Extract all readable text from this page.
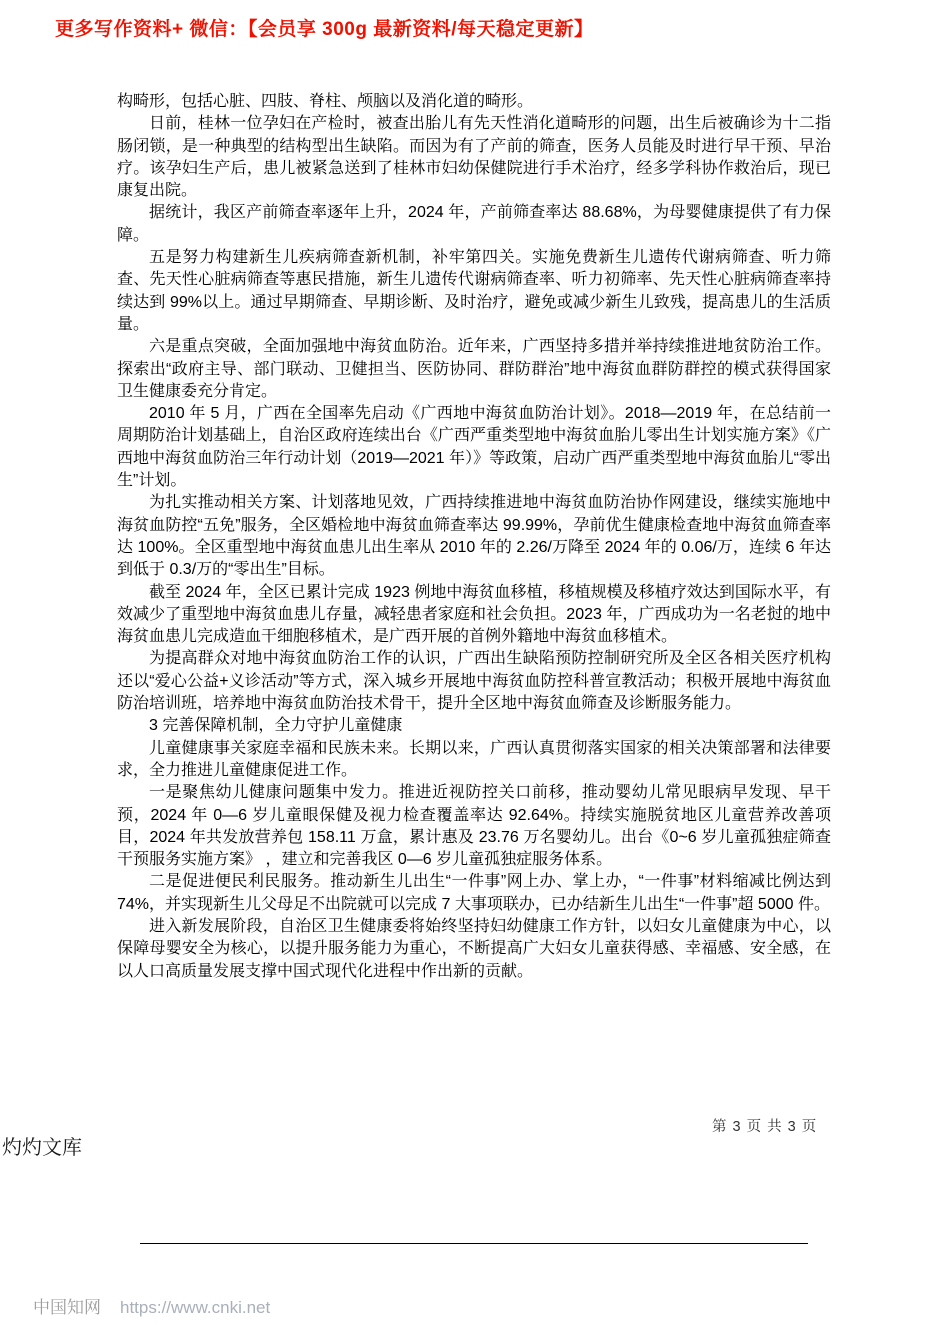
更多写作资料+ 微信：【会员享 300g 最新资料/每天稳定更新】

构畸形，包括心脏、四肢、脊柱、颅脑以及消化道的畸形。

日前，桂林一位孕妇在产检时，被查出胎儿有先天性消化道畸形的问题，出生后被确诊为十二指肠闭锁，是一种典型的结构型出生缺陷。而因为有了产前的筛查，医务人员能及时进行早干预、早治疗。该孕妇生产后，患儿被紧急送到了桂林市妇幼保健院进行手术治疗，经多学科协作救治后，现已康复出院。

据统计，我区产前筛查率逐年上升，2024 年，产前筛查率达 88.68%，为母婴健康提供了有力保障。

五是努力构建新生儿疾病筛查新机制，补牢第四关。实施免费新生儿遗传代谢病筛查、听力筛查、先天性心脏病筛查等惠民措施，新生儿遗传代谢病筛查率、听力初筛率、先天性心脏病筛查率持续达到 99%以上。通过早期筛查、早期诊断、及时治疗，避免或减少新生儿致残，提高患儿的生活质量。

六是重点突破，全面加强地中海贫血防治。近年来，广西坚持多措并举持续推进地贫防治工作。探索出“政府主导、部门联动、卫健担当、医防协同、群防群治”地中海贫血群防群控的模式获得国家卫生健康委充分肯定。

2010 年 5 月，广西在全国率先启动《广西地中海贫血防治计划》。2018—2019 年，在总结前一周期防治计划基础上，自治区政府连续出台《广西严重类型地中海贫血胎儿零出生计划实施方案》《广西地中海贫血防治三年行动计划（2019—2021 年）》等政策，启动广西严重类型地中海贫血胎儿“零出生”计划。

为扎实推动相关方案、计划落地见效，广西持续推进地中海贫血防治协作网建设，继续实施地中海贫血防控“五免”服务，全区婚检地中海贫血筛查率达 99.99%，孕前优生健康检查地中海贫血筛查率达 100%。全区重型地中海贫血患儿出生率从 2010 年的 2.26/万降至 2024 年的 0.06/万，连续 6 年达到低于 0.3/万的“零出生”目标。

截至 2024 年，全区已累计完成 1923 例地中海贫血移植，移植规模及移植疗效达到国际水平，有效减少了重型地中海贫血患儿存量，减轻患者家庭和社会负担。2023 年，广西成功为一名老挝的地中海贫血患儿完成造血干细胞移植术，是广西开展的首例外籍地中海贫血移植术。

为提高群众对地中海贫血防治工作的认识，广西出生缺陷预防控制研究所及全区各相关医疗机构还以“爱心公益+义诊活动”等方式，深入城乡开展地中海贫血防控科普宣教活动；积极开展地中海贫血防治培训班，培养地中海贫血防治技术骨干，提升全区地中海贫血筛查及诊断服务能力。

3 完善保障机制，全力守护儿童健康

儿童健康事关家庭幸福和民族未来。长期以来，广西认真贯彻落实国家的相关决策部署和法律要求，全力推进儿童健康促进工作。

一是聚焦幼儿健康问题集中发力。推进近视防控关口前移，推动婴幼儿常见眼病早发现、早干预，2024 年 0—6 岁儿童眼保健及视力检查覆盖率达 92.64%。持续实施脱贫地区儿童营养改善项目，2024 年共发放营养包 158.11 万盒，累计惠及 23.76 万名婴幼儿。出台《0~6 岁儿童孤独症筛查干预服务实施方案》 ，建立和完善我区 0—6 岁儿童孤独症服务体系。

二是促进便民利民服务。推动新生儿出生“一件事”网上办、掌上办，“一件事”材料缩减比例达到 74%，并实现新生儿父母足不出院就可以完成 7 大事项联办，已办结新生儿出生“一件事”超 5000 件。

进入新发展阶段，自治区卫生健康委将始终坚持妇幼健康工作方针，以妇女儿童健康为中心，以保障母婴安全为核心，以提升服务能力为重心，不断提高广大妇女儿童获得感、幸福感、安全感，在以人口高质量发展支撑中国式现代化进程中作出新的贡献。

第 3 页 共 3 页
灼灼文库
中国知网 https://www.cnki.net
